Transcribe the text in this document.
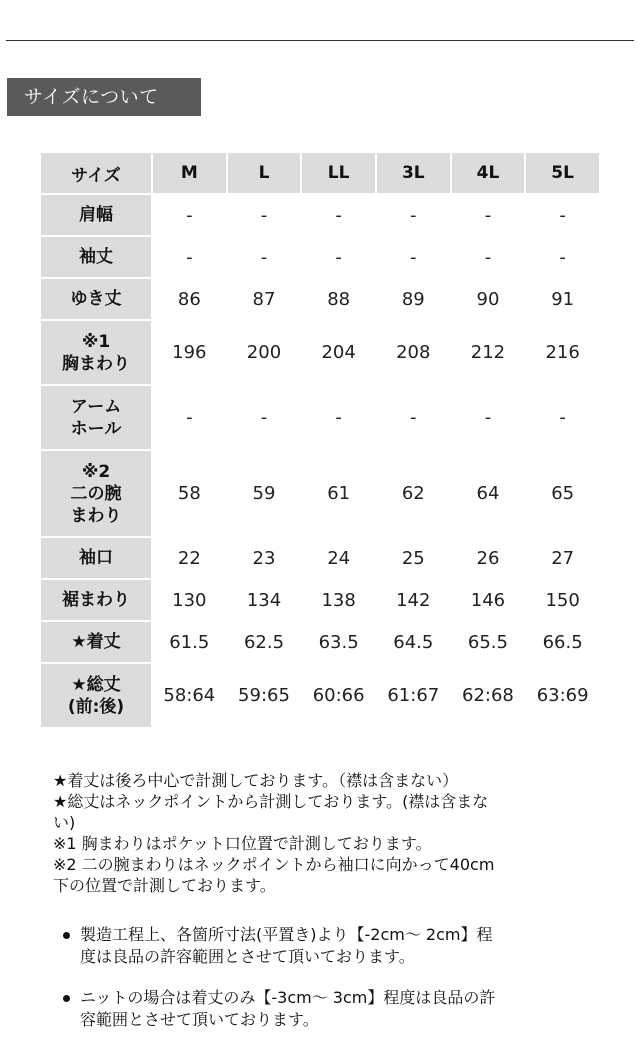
サイズについて
サイズ	M	L	LL	3L	4L	5L
肩幅	-	-	-	-	-	-
袖丈	-	-	-	-	-	-
ゆき丈	86	87	88	89	90	91
※1
胸まわり	196	200	204	208	212	216
アーム
ホール	-	-	-	-	-	-
※2
二の腕
まわり	58	59	61	62	64	65
袖口	22	23	24	25	26	27
裾まわり	130	134	138	142	146	150
★着丈	61.5	62.5	63.5	64.5	65.5	66.5
★総丈
(前:後)	58:64	59:65	60:66	61:67	62:68	63:69

★着丈は後ろ中心で計測しております。（襟は含まない）

★総丈はネックポイントから計測しております。(襟は含まな

い)

※1 胸まわりはポケット口位置で計測しております。

※2 二の腕まわりはネックポイントから袖口に向かって40cm

下の位置で計測しております。

製造工程上、各箇所寸法(平置き)より【-2cm～ 2cm】程
度は良品の許容範囲とさせて頂いております。
ニットの場合は着丈のみ【-3cm～ 3cm】程度は良品の許
容範囲とさせて頂いております。
